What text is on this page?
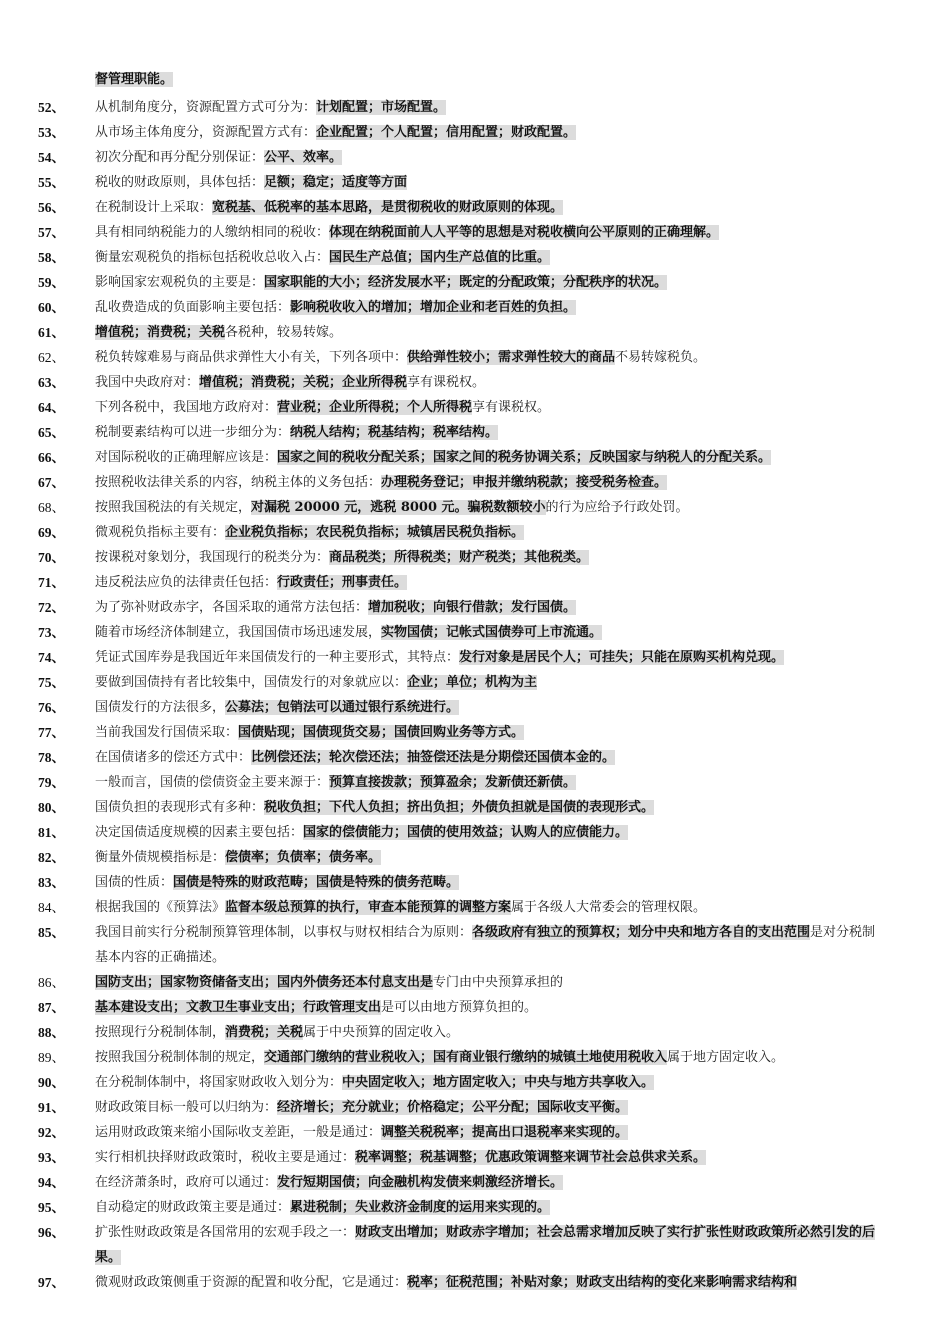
督管理职能。
52、	从机制角度分，资源配置方式可分为：计划配置；市场配置。
53、	从市场主体角度分，资源配置方式有：企业配置；个人配置；信用配置；财政配置。
54、	初次分配和再分配分别保证：公平、效率。
55、	税收的财政原则，具体包括：足额；稳定；适度等方面
56、	在税制设计上采取：宽税基、低税率的基本思路，是贯彻税收的财政原则的体现。
57、	具有相同纳税能力的人缴纳相同的税收：体现在纳税面前人人平等的思想是对税收横向公平原则的正确理解。
58、	衡量宏观税负的指标包括税收总收入占：国民生产总值；国内生产总值的比重。
59、	影响国家宏观税负的主要是：国家职能的大小；经济发展水平；既定的分配政策；分配秩序的状况。
60、	乱收费造成的负面影响主要包括：影响税收收入的增加；增加企业和老百姓的负担。
61、	增值税；消费税；关税各税种，较易转嫁。
62、	税负转嫁难易与商品供求弹性大小有关，下列各项中：供给弹性较小；需求弹性较大的商品不易转嫁税负。
63、	我国中央政府对：增值税；消费税；关税；企业所得税享有课税权。
64、	下列各税中，我国地方政府对：营业税；企业所得税；个人所得税享有课税权。
65、	税制要素结构可以进一步细分为：纳税人结构；税基结构；税率结构。
66、	对国际税收的正确理解应该是：国家之间的税收分配关系；国家之间的税务协调关系；反映国家与纳税人的分配关系。
67、	按照税收法律关系的内容，纳税主体的义务包括：办理税务登记；申报并缴纳税款；接受税务检查。
68、	按照我国税法的有关规定，对漏税 20000 元，逃税 8000 元。骗税数额较小的行为应给予行政处罚。
69、	微观税负指标主要有：企业税负指标；农民税负指标；城镇居民税负指标。
70、	按课税对象划分，我国现行的税类分为：商品税类；所得税类；财产税类；其他税类。
71、	违反税法应负的法律责任包括：行政责任；刑事责任。
72、	为了弥补财政赤字，各国采取的通常方法包括：增加税收；向银行借款；发行国债。
73、	随着市场经济体制建立，我国国债市场迅速发展，实物国债；记帐式国债券可上市流通。
74、	凭证式国库券是我国近年来国债发行的一种主要形式，其特点：发行对象是居民个人；可挂失；只能在原购买机构兑现。
75、	要做到国债持有者比较集中，国债发行的对象就应以：企业；单位；机构为主
76、	国债发行的方法很多，公募法；包销法可以通过银行系统进行。
77、	当前我国发行国债采取：国债贴现；国债现货交易；国债回购业务等方式。
78、	在国债诸多的偿还方式中：比例偿还法；轮次偿还法；抽签偿还法是分期偿还国债本金的。
79、	一般而言，国债的偿债资金主要来源于：预算直接拨款；预算盈余；发新债还新债。
80、	国债负担的表现形式有多种：税收负担；下代人负担；挤出负担；外债负担就是国债的表现形式。
81、	决定国债适度规模的因素主要包括：国家的偿债能力；国债的使用效益；认购人的应债能力。
82、	衡量外债规模指标是：偿债率；负债率；债务率。
83、	国债的性质：国债是特殊的财政范畴；国债是特殊的债务范畴。
84、	根据我国的《预算法》监督本级总预算的执行，审查本能预算的调整方案属于各级人大常委会的管理权限。
85、	我国目前实行分税制预算管理体制，以事权与财权相结合为原则：各级政府有独立的预算权；划分中央和地方各自的支出范围是对分税制基本内容的正确描述。
86、	国防支出；国家物资储备支出；国内外债务还本付息支出是专门由中央预算承担的
87、	基本建设支出；文教卫生事业支出；行政管理支出是可以由地方预算负担的。
88、	按照现行分税制体制，消费税；关税属于中央预算的固定收入。
89、	按照我国分税制体制的规定，交通部门缴纳的营业税收入；国有商业银行缴纳的城镇土地使用税收入属于地方固定收入。
90、	在分税制体制中，将国家财政收入划分为：中央固定收入；地方固定收入；中央与地方共享收入。
91、	财政政策目标一般可以归纳为：经济增长；充分就业；价格稳定；公平分配；国际收支平衡。
92、	运用财政政策来缩小国际收支差距，一般是通过：调整关税税率；提高出口退税率来实现的。
93、	实行相机抉择财政政策时，税收主要是通过：税率调整；税基调整；优惠政策调整来调节社会总供求关系。
94、	在经济萧条时，政府可以通过：发行短期国债；向金融机构发债来刺激经济增长。
95、	自动稳定的财政政策主要是通过：累进税制；失业救济金制度的运用来实现的。
96、	扩张性财政政策是各国常用的宏观手段之一：财政支出增加；财政赤字增加；社会总需求增加反映了实行扩张性财政政策所必然引发的后果。
97、	微观财政政策侧重于资源的配置和收分配，它是通过：税率；征税范围；补贴对象；财政支出结构的变化来影响需求结构和
